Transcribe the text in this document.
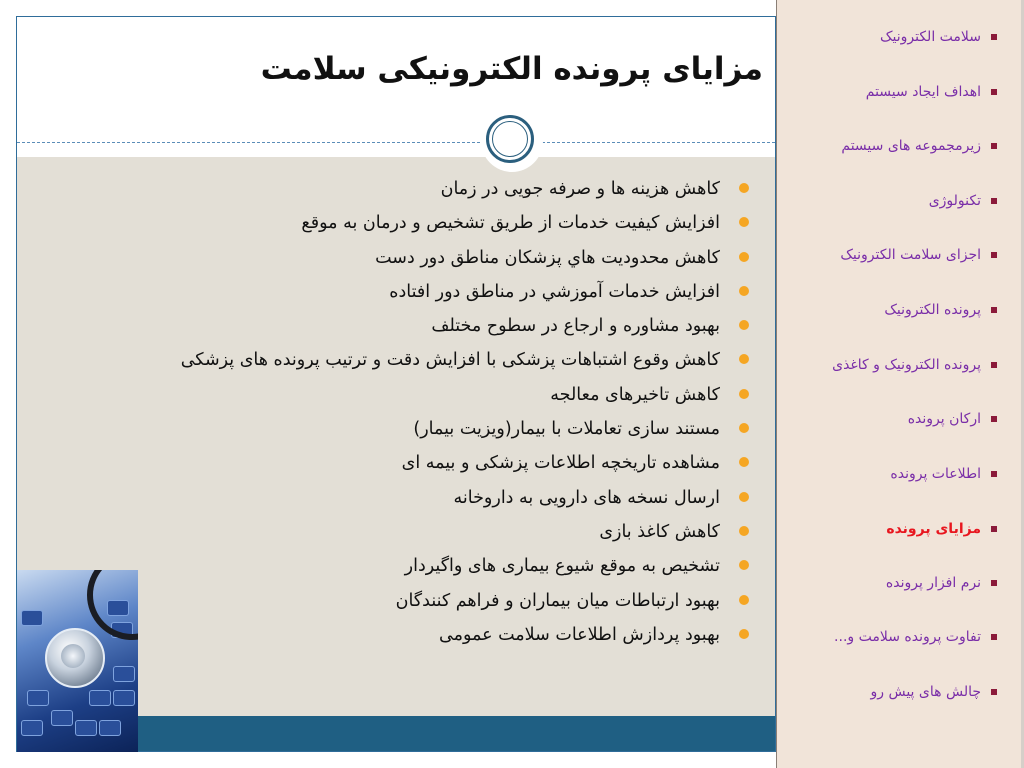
مزایای پرونده الکترونیکی سلامت
کاهش هزینه ها و صرفه جویی در زمان
افزایش کیفیت خدمات از طریق تشخیص و درمان به موقع
كاهش محدوديت هاي پزشكان مناطق دور دست
افزايش خدمات آموزشي در مناطق دور افتاده
بهبود مشاوره و ارجاع در سطوح مختلف
کاهش وقوع اشتباهات پزشکی با افزایش دقت و ترتیب پرونده های پزشکی
کاهش تاخیرهای معالجه
مستند سازی تعاملات با بیمار(ویزیت بیمار)
مشاهده تاریخچه اطلاعات پزشکی و بیمه ای
ارسال نسخه های دارویی به داروخانه
کاهش کاغذ بازی
تشخیص به موقع شیوع بیماری های واگیردار
بهبود ارتباطات میان بیماران و فراهم کنندگان
بهبود پردازش اطلاعات سلامت عمومی
سلامت الکترونیک
اهداف ایجاد سیستم
زیرمجموعه های سیستم
تکنولوژی
اجزای سلامت الکترونیک
پرونده الکترونیک
پرونده الکترونیک و کاغذی
ارکان پرونده
اطلاعات پرونده
مزایای پرونده
نرم افزار پرونده
تفاوت پرونده سلامت و...
چالش های پیش رو
